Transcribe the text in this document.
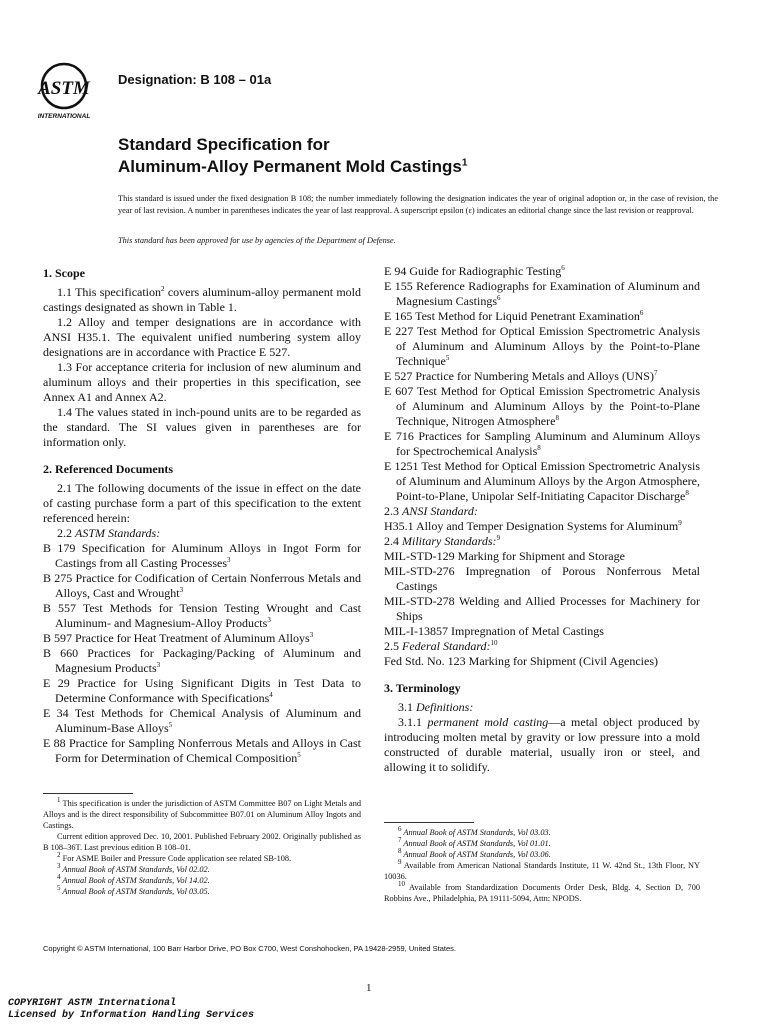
ASTM
INTERNATIONAL
Designation: B 108 – 01a
Standard Specification for
Aluminum-Alloy Permanent Mold Castings$^1$
This standard is issued under the fixed designation B 108; the number immediately following the designation indicates the year of original adoption or, in the case of revision, the year of last revision. A number in parentheses indicates the year of last reapproval. A superscript epsilon (ε) indicates an editorial change since the last revision or reapproval.
This standard has been approved for use by agencies of the Department of Defense.
1. Scope
1.1 This specification$^2$ covers aluminum-alloy permanent mold castings designated as shown in Table 1.
1.2 Alloy and temper designations are in accordance with ANSI H35.1. The equivalent unified numbering system alloy designations are in accordance with Practice E 527.
1.3 For acceptance criteria for inclusion of new aluminum and aluminum alloys and their properties in this specification, see Annex A1 and Annex A2.
1.4 The values stated in inch-pound units are to be regarded as the standard. The SI values given in parentheses are for information only.
2. Referenced Documents
2.1 The following documents of the issue in effect on the date of casting purchase form a part of this specification to the extent referenced herein:
2.2 ASTM Standards:
B 179 Specification for Aluminum Alloys in Ingot Form for Castings from all Casting Processes$^3$
B 275 Practice for Codification of Certain Nonferrous Metals and Alloys, Cast and Wrought$^3$
B 557 Test Methods for Tension Testing Wrought and Cast Aluminum- and Magnesium-Alloy Products$^3$
B 597 Practice for Heat Treatment of Aluminum Alloys$^3$
B 660 Practices for Packaging/Packing of Aluminum and Magnesium Products$^3$
E 29 Practice for Using Significant Digits in Test Data to Determine Conformance with Specifications$^4$
E 34 Test Methods for Chemical Analysis of Aluminum and Aluminum-Base Alloys$^5$
E 88 Practice for Sampling Nonferrous Metals and Alloys in Cast Form for Determination of Chemical Composition$^5$
E 94 Guide for Radiographic Testing$^6$
E 155 Reference Radiographs for Examination of Aluminum and Magnesium Castings$^6$
E 165 Test Method for Liquid Penetrant Examination$^6$
E 227 Test Method for Optical Emission Spectrometric Analysis of Aluminum and Aluminum Alloys by the Point-to-Plane Technique$^5$
E 527 Practice for Numbering Metals and Alloys (UNS)$^7$
E 607 Test Method for Optical Emission Spectrometric Analysis of Aluminum and Aluminum Alloys by the Point-to-Plane Technique, Nitrogen Atmosphere$^8$
E 716 Practices for Sampling Aluminum and Aluminum Alloys for Spectrochemical Analysis$^8$
E 1251 Test Method for Optical Emission Spectrometric Analysis of Aluminum and Aluminum Alloys by the Argon Atmosphere, Point-to-Plane, Unipolar Self-Initiating Capacitor Discharge$^8$
2.3 ANSI Standard:
H35.1 Alloy and Temper Designation Systems for Aluminum$^9$
2.4 Military Standards:$^9$
MIL-STD-129 Marking for Shipment and Storage
MIL-STD-276 Impregnation of Porous Nonferrous Metal Castings
MIL-STD-278 Welding and Allied Processes for Machinery for Ships
MIL-I-13857 Impregnation of Metal Castings
2.5 Federal Standard:$^{10}$
Fed Std. No. 123 Marking for Shipment (Civil Agencies)
3. Terminology
3.1 Definitions:
3.1.1 permanent mold casting—a metal object produced by introducing molten metal by gravity or low pressure into a mold constructed of durable material, usually iron or steel, and allowing it to solidify.
$^1$ This specification is under the jurisdiction of ASTM Committee B07 on Light Metals and Alloys and is the direct responsibility of Subcommittee B07.01 on Aluminum Alloy Ingots and Castings.
Current edition approved Dec. 10, 2001. Published February 2002. Originally published as B 108–36T. Last previous edition B 108–01.
$^2$ For ASME Boiler and Pressure Code application see related SB-108.
$^3$ Annual Book of ASTM Standards, Vol 02.02.
$^4$ Annual Book of ASTM Standards, Vol 14.02.
$^5$ Annual Book of ASTM Standards, Vol 03.05.
$^6$ Annual Book of ASTM Standards, Vol 03.03.
$^7$ Annual Book of ASTM Standards, Vol 01.01.
$^8$ Annual Book of ASTM Standards, Vol 03.06.
$^9$ Available from American National Standards Institute, 11 W. 42nd St., 13th Floor, NY 10036.
$^{10}$ Available from Standardization Documents Order Desk, Bldg. 4, Section D, 700 Robbins Ave., Philadelphia, PA 19111-5094, Attn: NPODS.
Copyright © ASTM International, 100 Barr Harbor Drive, PO Box C700, West Conshohocken, PA 19428-2959, United States.
1
COPYRIGHT ASTM International
Licensed by Information Handling Services
